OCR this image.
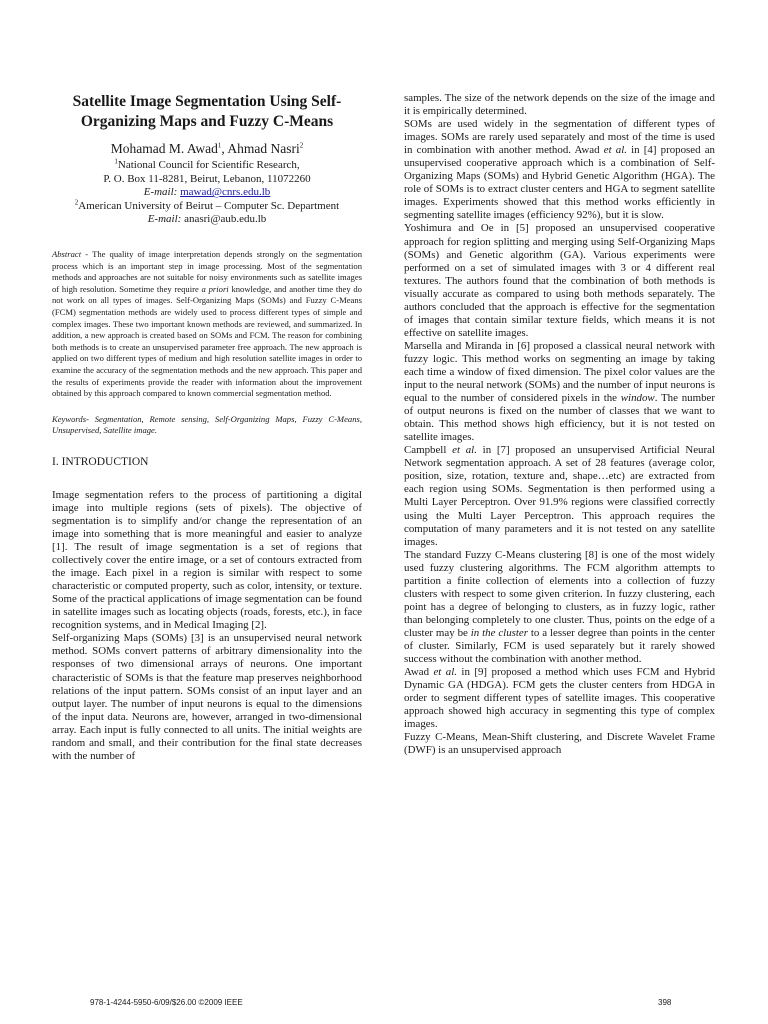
Satellite Image Segmentation Using Self-Organizing Maps and Fuzzy C-Means
Mohamad M. Awad$^1$, Ahmad Nasri$^2$

$^1$National Council for Scientific Research,

P. O. Box 11-8281, Beirut, Lebanon, 11072260

E-mail: mawad@cnrs.edu.lb

$^2$American University of Beirut – Computer Sc. Department

E-mail: anasri@aub.edu.lb

Abstract - The quality of image interpretation depends strongly on the segmentation process which is an important step in image processing. Most of the segmentation methods and approaches are not suitable for noisy environments such as satellite images of high resolution. Sometime they require a priori knowledge, and another time they do not work on all types of images. Self-Organizing Maps (SOMs) and Fuzzy C-Means (FCM) segmentation methods are widely used to process different types of simple and complex images. These two important known methods are reviewed, and summarized. In addition, a new approach is created based on SOMs and FCM. The reason for combining both methods is to create an unsupervised parameter free approach. The new approach is applied on two different types of medium and high resolution satellite images in order to examine the accuracy of the segmentation methods and the new approach. This paper and the results of experiments provide the reader with information about the improvement obtained by this approach compared to known commercial segmentation method.

Keywords- Segmentation, Remote sensing, Self-Organizing Maps, Fuzzy C-Means, Unsupervised, Satellite image.

I. INTRODUCTION

Image segmentation refers to the process of partitioning a digital image into multiple regions (sets of pixels). The objective of segmentation is to simplify and/or change the representation of an image into something that is more meaningful and easier to analyze [1]. The result of image segmentation is a set of regions that collectively cover the entire image, or a set of contours extracted from the image. Each pixel in a region is similar with respect to some characteristic or computed property, such as color, intensity, or texture. Some of the practical applications of image segmentation can be found in satellite images such as locating objects (roads, forests, etc.), in face recognition systems, and in Medical Imaging [2].

Self-organizing Maps (SOMs) [3] is an unsupervised neural network method. SOMs convert patterns of arbitrary dimensionality into the responses of two dimensional arrays of neurons. One important characteristic of SOMs is that the feature map preserves neighborhood relations of the input pattern. SOMs consist of an input layer and an output layer. The number of input neurons is equal to the dimensions of the input data. Neurons are, however, arranged in two-dimensional array. Each input is fully connected to all units. The initial weights are random and small, and their contribution for the final state decreases with the number of

samples. The size of the network depends on the size of the image and it is empirically determined.

SOMs are used widely in the segmentation of different types of images. SOMs are rarely used separately and most of the time is used in combination with another method. Awad et al. in [4] proposed an unsupervised cooperative approach which is a combination of Self-Organizing Maps (SOMs) and Hybrid Genetic Algorithm (HGA). The role of SOMs is to extract cluster centers and HGA to segment satellite images. Experiments showed that this method works efficiently in segmenting satellite images (efficiency 92%), but it is slow.

Yoshimura and Oe in [5] proposed an unsupervised cooperative approach for region splitting and merging using Self-Organizing Maps (SOMs) and Genetic algorithm (GA). Various experiments were performed on a set of simulated images with 3 or 4 different real textures. The authors found that the combination of both methods is visually accurate as compared to using both methods separately. The authors concluded that the approach is effective for the segmentation of images that contain similar texture fields, which means it is not effective on satellite images.

Marsella and Miranda in [6] proposed a classical neural network with fuzzy logic. This method works on segmenting an image by taking each time a window of fixed dimension. The pixel color values are the input to the neural network (SOMs) and the number of input neurons is equal to the number of considered pixels in the window. The number of output neurons is fixed on the number of classes that we want to obtain. This method shows high efficiency, but it is not tested on satellite images.

Campbell et al. in [7] proposed an unsupervised Artificial Neural Network segmentation approach. A set of 28 features (average color, position, size, rotation, texture and, shape…etc) are extracted from each region using SOMs. Segmentation is then performed using a Multi Layer Perceptron. Over 91.9% regions were classified correctly using the Multi Layer Perceptron. This approach requires the computation of many parameters and it is not tested on any satellite images.

The standard Fuzzy C-Means clustering [8] is one of the most widely used fuzzy clustering algorithms. The FCM algorithm attempts to partition a finite collection of elements into a collection of fuzzy clusters with respect to some given criterion. In fuzzy clustering, each point has a degree of belonging to clusters, as in fuzzy logic, rather than belonging completely to one cluster. Thus, points on the edge of a cluster may be in the cluster to a lesser degree than points in the center of cluster. Similarly, FCM is used separately but it rarely showed success without the combination with another method.

Awad et al. in [9] proposed a method which uses FCM and Hybrid Dynamic GA (HDGA). FCM gets the cluster centers from HDGA in order to segment different types of satellite images. This cooperative approach showed high accuracy in segmenting this type of complex images.

Fuzzy C-Means, Mean-Shift clustering, and Discrete Wavelet Frame (DWF) is an unsupervised approach

978-1-4244-5950-6/09/$26.00 ©2009 IEEE	398
